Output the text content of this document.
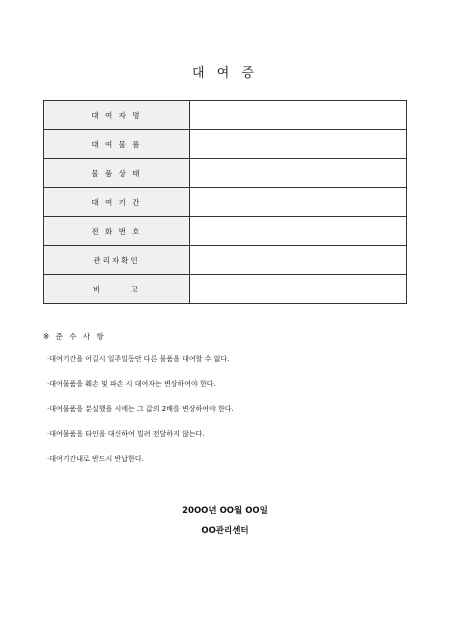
대 여 증
대 여 자 명	
대 여 물 품	
물 품 상 태	
대 여 기 간	
전 화 번 호	
관리자확인	
비　　　고	
※ 준 수 사 항
·대여기간을 어길시 일주일동안 다른 물품을 대여할 수 없다.
·대여물품을 훼손 및 파손 시 대여자는 변상하여야 한다.
·대여물품을 분실했을 시에는 그 값의 2배를 변상하여야 한다.
·대여물품을 타인을 대신하여 빌려 전달하지 않는다.
·대여기간내로 반드시 반납한다.
20OO년 OO월 OO일
OO관리센터
